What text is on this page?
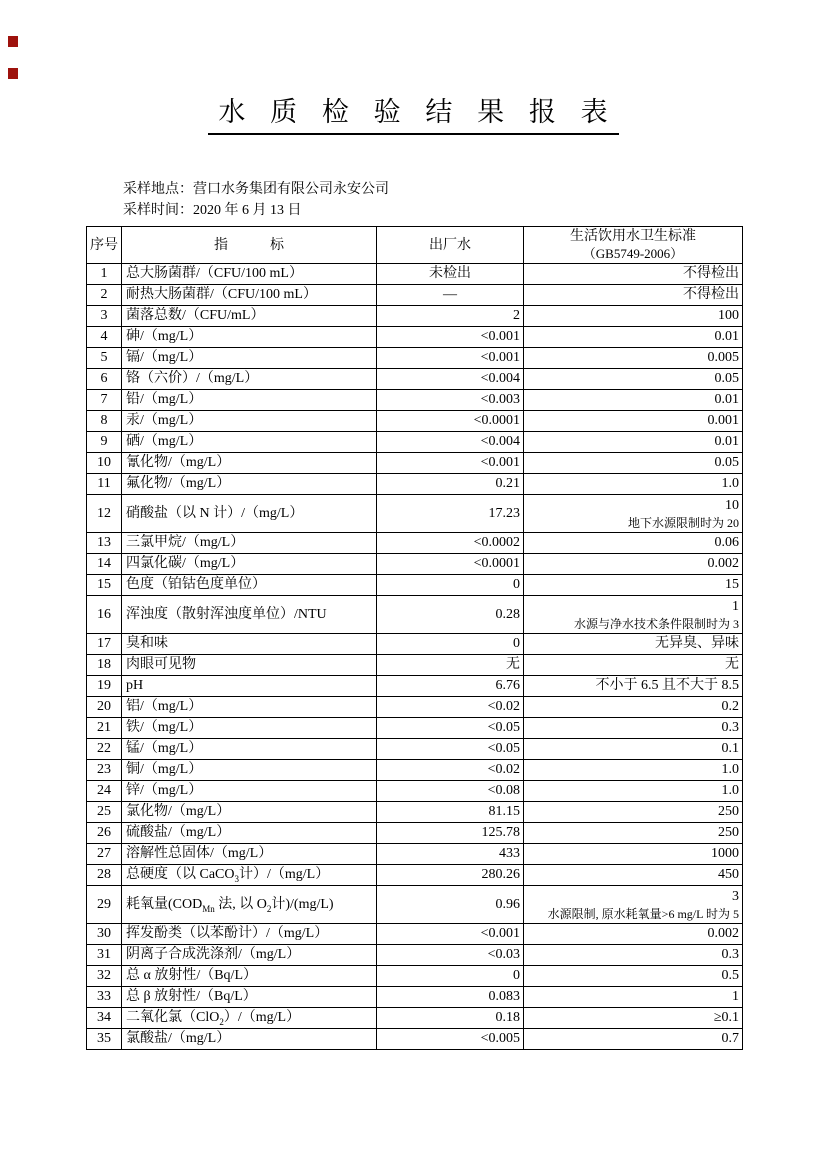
水 质 检 验 结 果 报 表
采样地点：营口水务集团有限公司永安公司
采样时间：2020 年 6 月 13 日
序号	指　　　标	出厂水	生活饮用水卫生标准
（GB5749-2006）

1	总大肠菌群/（CFU/100 mL）	未检出	不得检出
2	耐热大肠菌群/（CFU/100 mL）	—	不得检出
3	菌落总数/（CFU/mL）	2	100
4	砷/（mg/L）	<0.001	0.01
5	镉/（mg/L）	<0.001	0.005
6	铬（六价）/（mg/L）	<0.004	0.05
7	铅/（mg/L）	<0.003	0.01
8	汞/（mg/L）	<0.0001	0.001
9	硒/（mg/L）	<0.004	0.01
10	氰化物/（mg/L）	<0.001	0.05
11	氟化物/（mg/L）	0.21	1.0
12	硝酸盐（以 N 计）/（mg/L）	17.23	10
地下水源限制时为 20

13	三氯甲烷/（mg/L）	<0.0002	0.06
14	四氯化碳/（mg/L）	<0.0001	0.002
15	色度（铂钴色度单位）	0	15
16	浑浊度（散射浑浊度单位）/NTU	0.28	1
水源与净水技术条件限制时为 3

17	臭和味	0	无异臭、异味
18	肉眼可见物	无	无
19	pH	6.76	不小于 6.5 且不大于 8.5
20	铝/（mg/L）	<0.02	0.2
21	铁/（mg/L）	<0.05	0.3
22	锰/（mg/L）	<0.05	0.1
23	铜/（mg/L）	<0.02	1.0
24	锌/（mg/L）	<0.08	1.0
25	氯化物/（mg/L）	81.15	250
26	硫酸盐/（mg/L）	125.78	250
27	溶解性总固体/（mg/L）	433	1000
28	总硬度（以 CaCO$_3$计）/（mg/L）	280.26	450
29	耗氧量($COD_{Mn}$ 法, 以 $O_2$计)/(mg/L)	0.96	3
水源限制, 原水耗氧量>6 mg/L 时为 5

30	挥发酚类（以苯酚计）/（mg/L）	<0.001	0.002
31	阴离子合成洗涤剂/（mg/L）	<0.03	0.3
32	总 α 放射性/（Bq/L）	0	0.5
33	总 β 放射性/（Bq/L）	0.083	1
34	二氧化氯（ClO$_2$）/（mg/L）	0.18	≥0.1
35	氯酸盐/（mg/L）	<0.005	0.7
